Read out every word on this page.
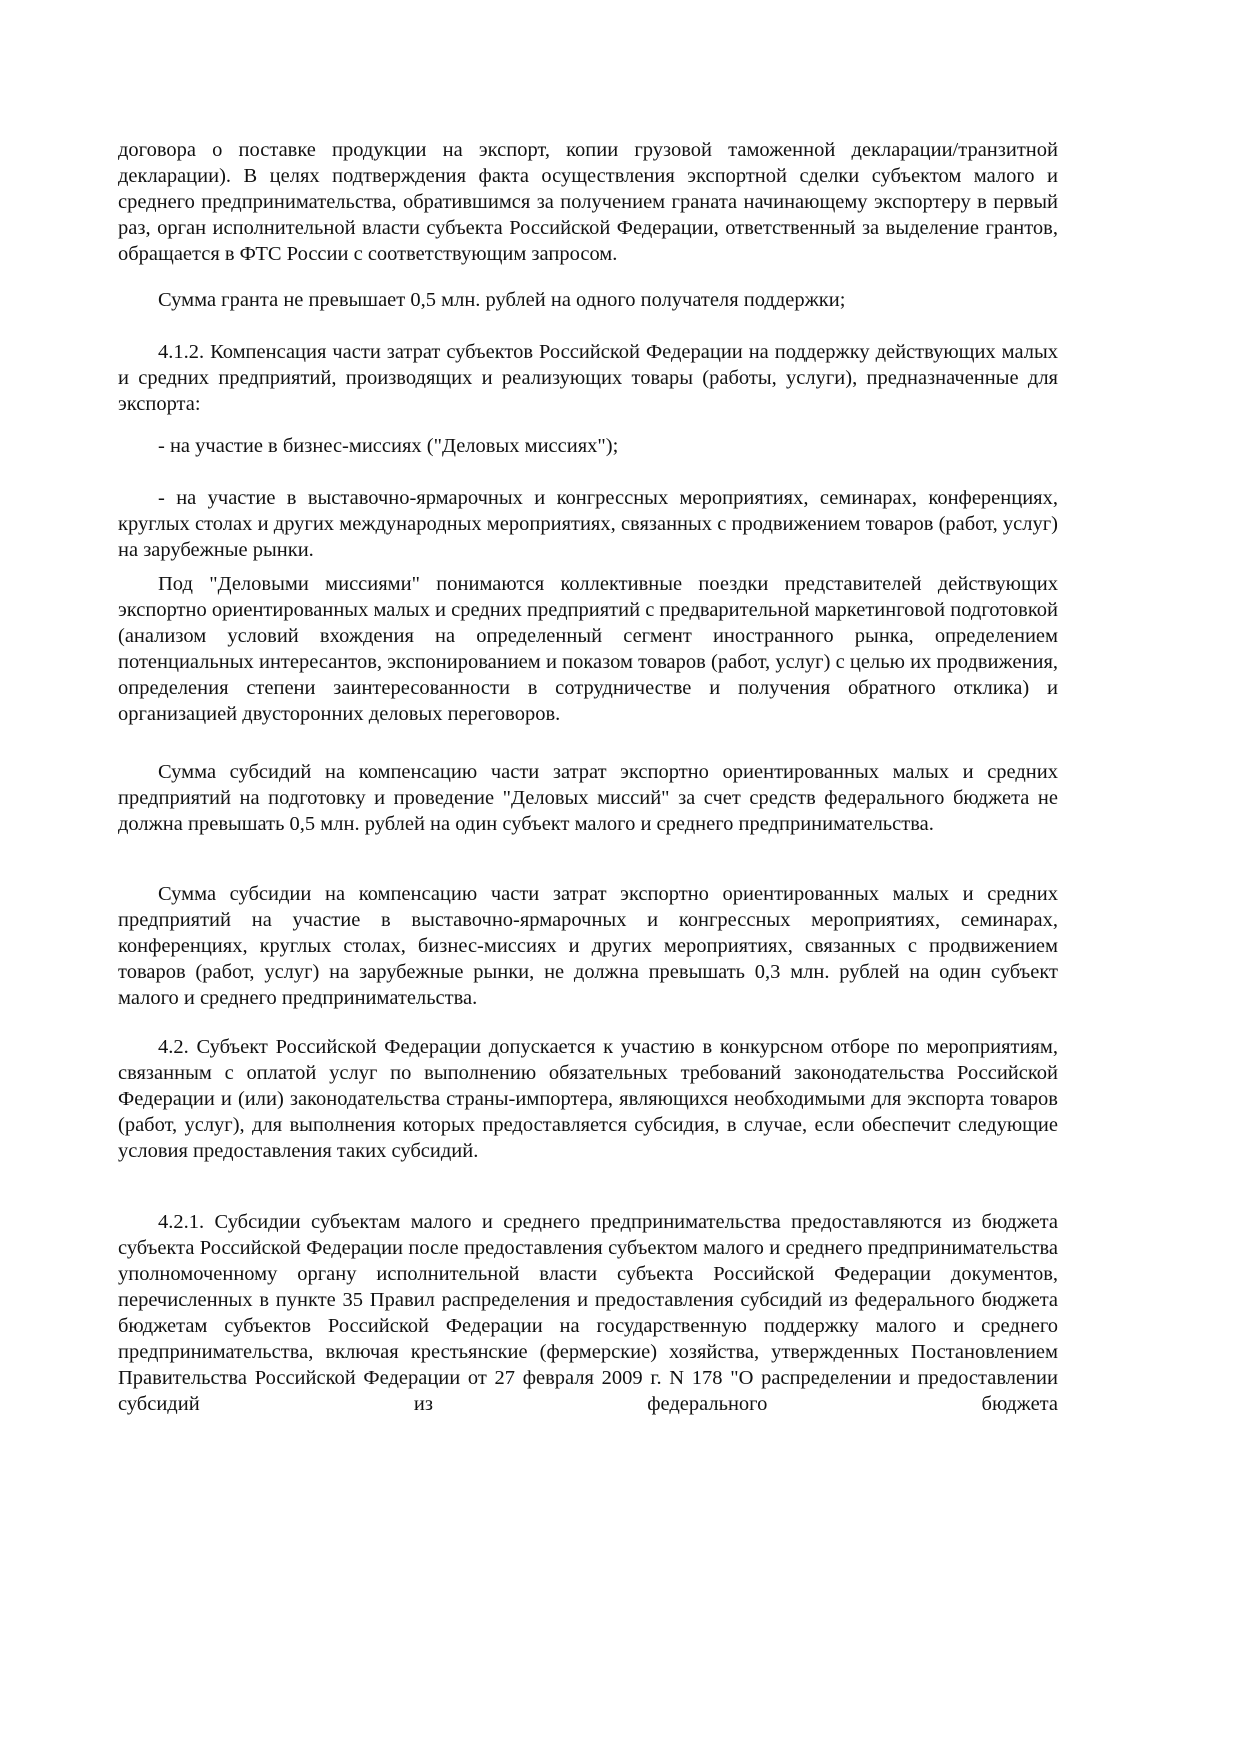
договора о поставке продукции на экспорт, копии грузовой таможенной декларации/транзитной декларации). В целях подтверждения факта осуществления экспортной сделки субъектом малого и среднего предпринимательства, обратившимся за получением граната начинающему экспортеру в первый раз, орган исполнительной власти субъекта Российской Федерации, ответственный за выделение грантов, обращается в ФТС России с соответствующим запросом.

Сумма гранта не превышает 0,5 млн. рублей на одного получателя поддержки;

4.1.2. Компенсация части затрат субъектов Российской Федерации на поддержку действующих малых и средних предприятий, производящих и реализующих товары (работы, услуги), предназначенные для экспорта:

- на участие в бизнес-миссиях ("Деловых миссиях");

- на участие в выставочно-ярмарочных и конгрессных мероприятиях, семинарах, конференциях, круглых столах и других международных мероприятиях, связанных с продвижением товаров (работ, услуг) на зарубежные рынки.

Под "Деловыми миссиями" понимаются коллективные поездки представителей действующих экспортно ориентированных малых и средних предприятий с предварительной маркетинговой подготовкой (анализом условий вхождения на определенный сегмент иностранного рынка, определением потенциальных интересантов, экспонированием и показом товаров (работ, услуг) с целью их продвижения, определения степени заинтересованности в сотрудничестве и получения обратного отклика) и организацией двусторонних деловых переговоров.

Сумма субсидий на компенсацию части затрат экспортно ориентированных малых и средних предприятий на подготовку и проведение "Деловых миссий" за счет средств федерального бюджета не должна превышать 0,5 млн. рублей на один субъект малого и среднего предпринимательства.

Сумма субсидии на компенсацию части затрат экспортно ориентированных малых и средних предприятий на участие в выставочно-ярмарочных и конгрессных мероприятиях, семинарах, конференциях, круглых столах, бизнес-миссиях и других мероприятиях, связанных с продвижением товаров (работ, услуг) на зарубежные рынки, не должна превышать 0,3 млн. рублей на один субъект малого и среднего предпринимательства.

4.2. Субъект Российской Федерации допускается к участию в конкурсном отборе по мероприятиям, связанным с оплатой услуг по выполнению обязательных требований законодательства Российской Федерации и (или) законодательства страны-импортера, являющихся необходимыми для экспорта товаров (работ, услуг), для выполнения которых предоставляется субсидия, в случае, если обеспечит следующие условия предоставления таких субсидий.

4.2.1. Субсидии субъектам малого и среднего предпринимательства предоставляются из бюджета субъекта Российской Федерации после предоставления субъектом малого и среднего предпринимательства уполномоченному органу исполнительной власти субъекта Российской Федерации документов, перечисленных в пункте 35 Правил распределения и предоставления субсидий из федерального бюджета бюджетам субъектов Российской Федерации на государственную поддержку малого и среднего предпринимательства, включая крестьянские (фермерские) хозяйства, утвержденных Постановлением Правительства Российской Федерации от 27 февраля 2009 г. N 178 "О распределении и предоставлении субсидий из федерального бюджета
